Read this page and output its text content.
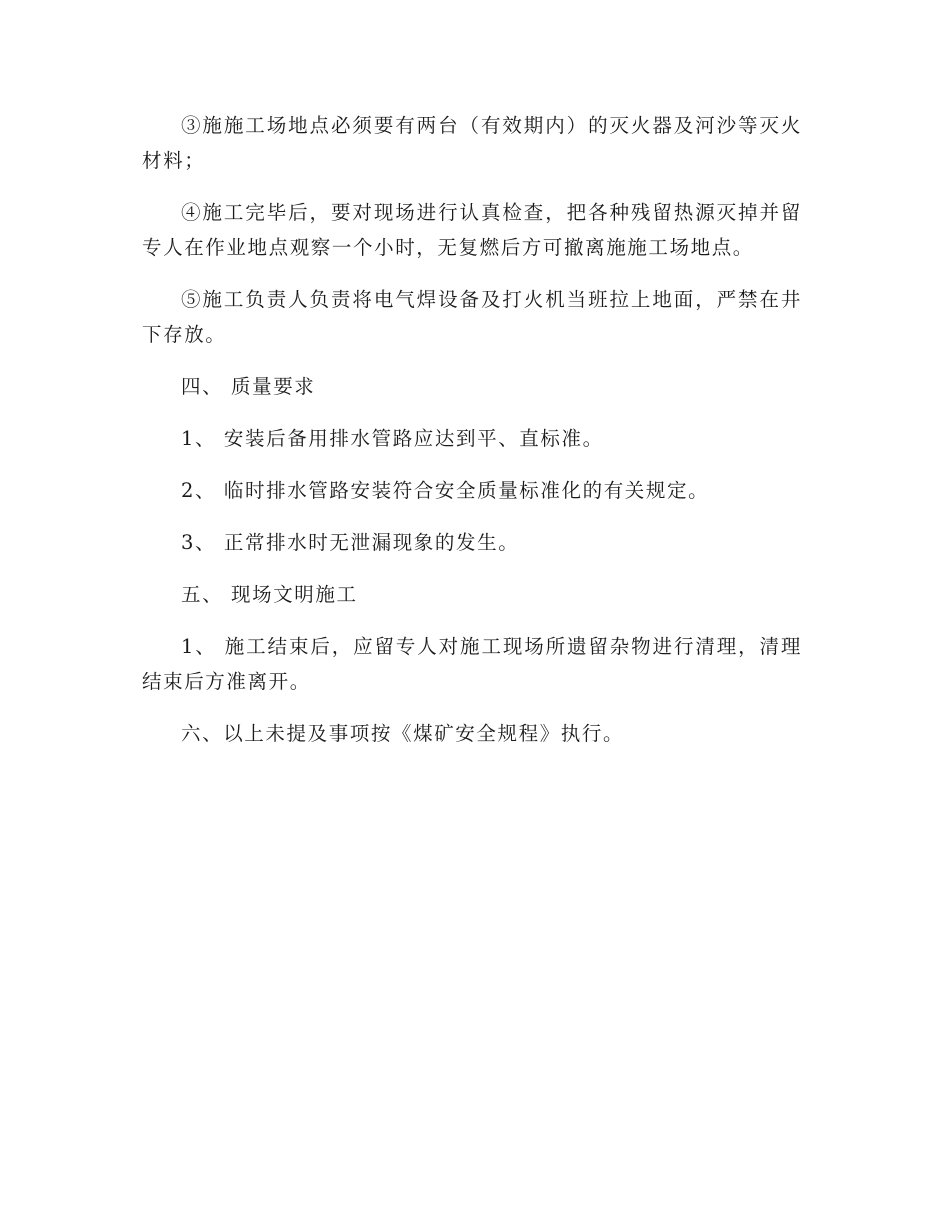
③施施工场地点必须要有两台（有效期内）的灭火器及河沙等灭火材料；

④施工完毕后，要对现场进行认真检查，把各种残留热源灭掉并留专人在作业地点观察一个小时，无复燃后方可撤离施施工场地点。

⑤施工负责人负责将电气焊设备及打火机当班拉上地面，严禁在井下存放。

四、 质量要求

1、 安装后备用排水管路应达到平、直标准。

2、 临时排水管路安装符合安全质量标准化的有关规定。

3、 正常排水时无泄漏现象的发生。

五、 现场文明施工

1、 施工结束后，应留专人对施工现场所遗留杂物进行清理，清理结束后方准离开。

六、以上未提及事项按《煤矿安全规程》执行。
